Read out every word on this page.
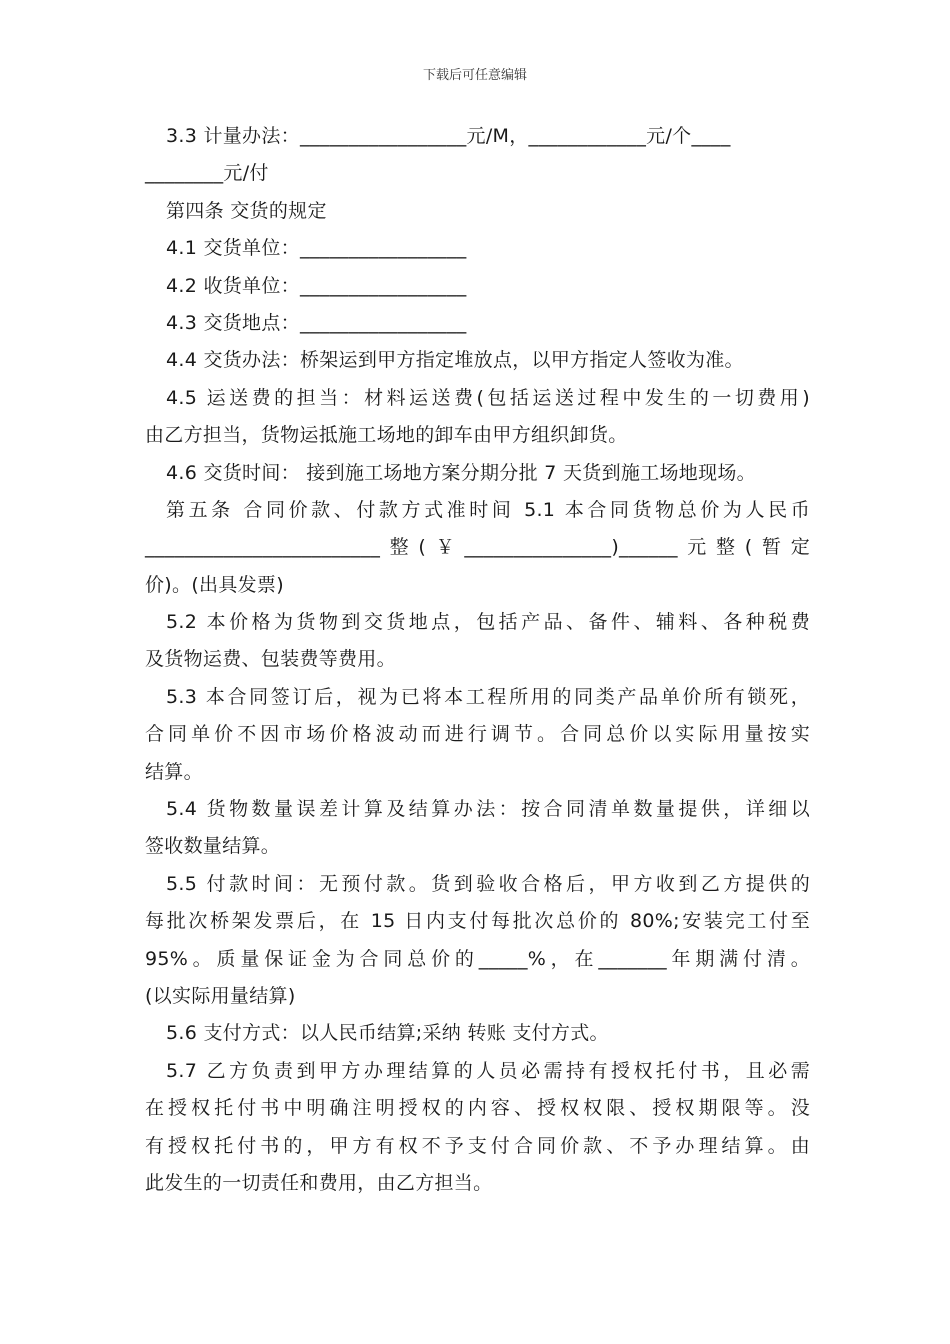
下载后可任意编辑
3.3 计量办法：_________________元/M，____________元/个____
________元/付
第四条 交货的规定
4.1 交货单位：_________________
4.2 收货单位：_________________
4.3 交货地点：_________________
4.4 交货办法：桥架运到甲方指定堆放点，以甲方指定人签收为准。
4.5 运送费的担当：材料运送费(包括运送过程中发生的一切费用)
由乙方担当，货物运抵施工场地的卸车由甲方组织卸货。
4.6 交货时间： 接到施工场地方案分期分批 7 天货到施工场地现场。
第五条 合同价款、付款方式准时间 5.1 本合同货物总价为人民币
________________________整(￥_______________)______元整(暂定
价)。(出具发票)
5.2 本价格为货物到交货地点，包括产品、备件、辅料、各种税费
及货物运费、包装费等费用。
5.3 本合同签订后，视为已将本工程所用的同类产品单价所有锁死，
合同单价不因市场价格波动而进行调节。合同总价以实际用量按实
结算。
5.4 货物数量误差计算及结算办法：按合同清单数量提供，详细以
签收数量结算。
5.5 付款时间：无预付款。货到验收合格后，甲方收到乙方提供的
每批次桥架发票后，在 15 日内支付每批次总价的 80%;安装完工付至
95%。质量保证金为合同总价的_____%，在_______年期满付清。
(以实际用量结算)
5.6 支付方式：以人民币结算;采纳 转账 支付方式。
5.7 乙方负责到甲方办理结算的人员必需持有授权托付书，且必需
在授权托付书中明确注明授权的内容、授权权限、授权期限等。没
有授权托付书的，甲方有权不予支付合同价款、不予办理结算。由
此发生的一切责任和费用，由乙方担当。
